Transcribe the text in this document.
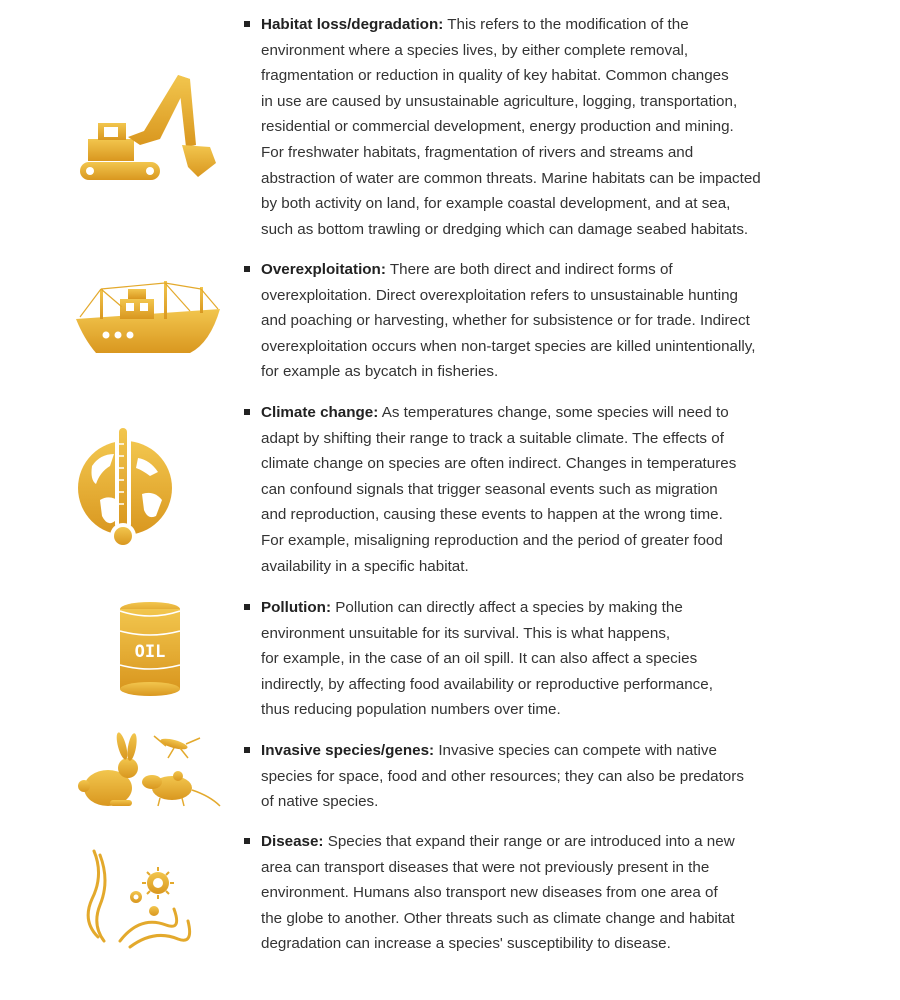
Habitat loss/degradation: This refers to the modification of the

environment where a species lives, by either complete removal,

fragmentation or reduction in quality of key habitat. Common changes

in use are caused by unsustainable agriculture, logging, transportation,

residential or commercial development, energy production and mining.

For freshwater habitats, fragmentation of rivers and streams and

abstraction of water are common threats. Marine habitats can be impacted

by both activity on land, for example coastal development, and at sea,

such as bottom trawling or dredging which can damage seabed habitats.

Overexploitation: There are both direct and indirect forms of

overexploitation. Direct overexploitation refers to unsustainable hunting

and poaching or harvesting, whether for subsistence or for trade. Indirect

overexploitation occurs when non-target species are killed unintentionally,

for example as bycatch in fisheries.

Climate change: As temperatures change, some species will need to

adapt by shifting their range to track a suitable climate. The effects of

climate change on species are often indirect. Changes in temperatures

can confound signals that trigger seasonal events such as migration

and reproduction, causing these events to happen at the wrong time.

For example, misaligning reproduction and the period of greater food

availability in a specific habitat.

OIL

Pollution: Pollution can directly affect a species by making the

environment unsuitable for its survival. This is what happens,

for example, in the case of an oil spill. It can also affect a species

indirectly, by affecting food availability or reproductive performance,

thus reducing population numbers over time.

Invasive species/genes: Invasive species can compete with native

species for space, food and other resources; they can also be predators

of native species.

Disease: Species that expand their range or are introduced into a new

area can transport diseases that were not previously present in the

environment. Humans also transport new diseases from one area of

the globe to another. Other threats such as climate change and habitat

degradation can increase a species' susceptibility to disease.
